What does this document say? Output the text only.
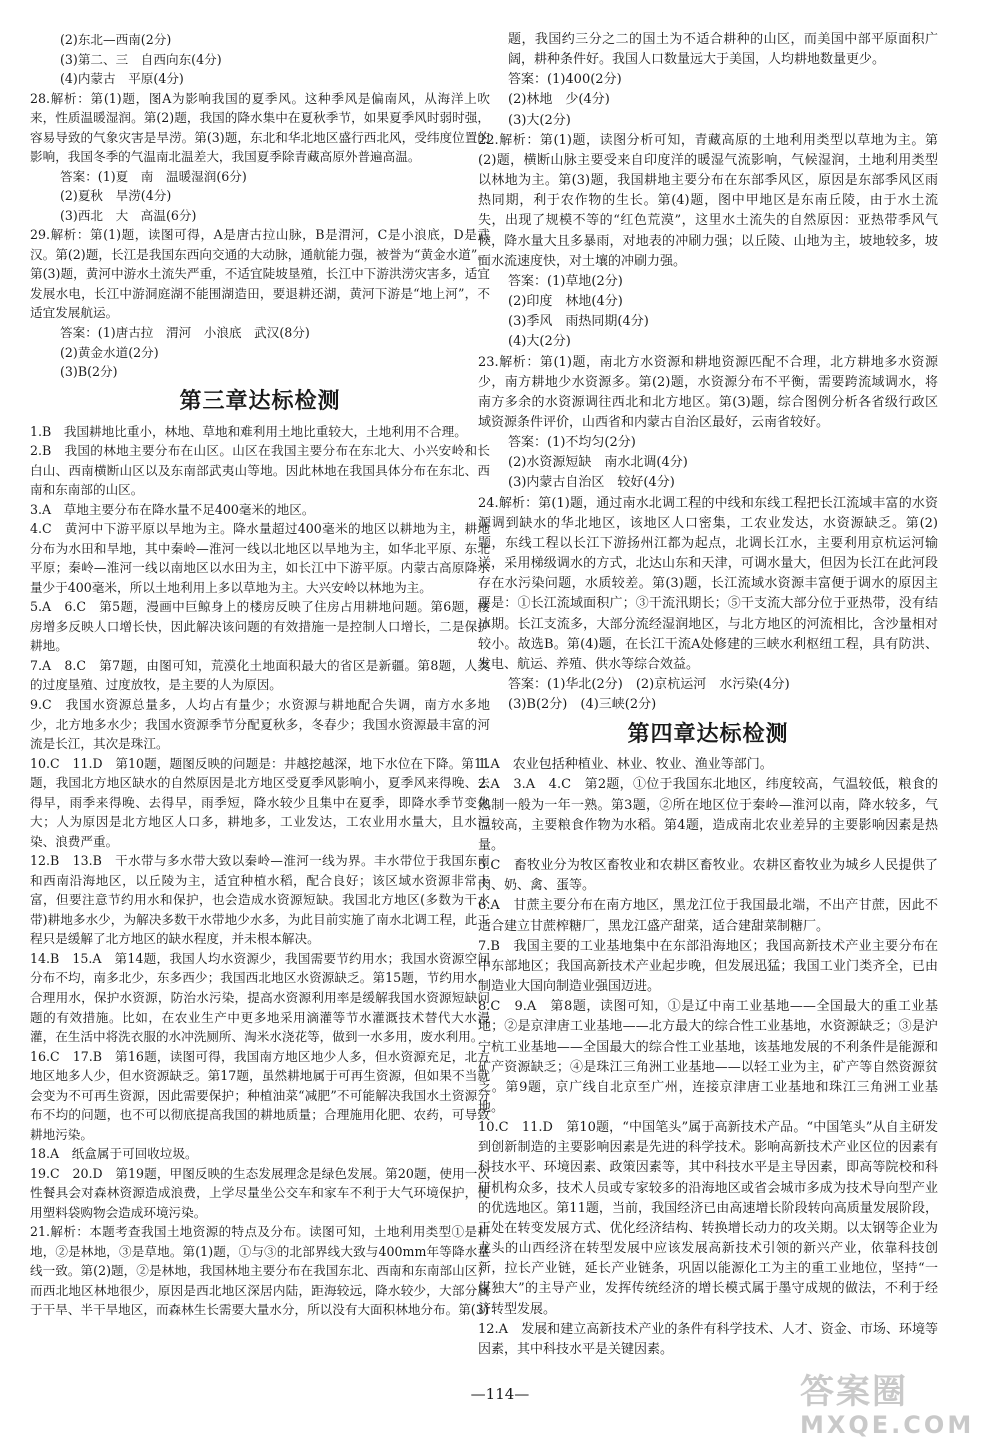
(2)东北—西南(2分)
(3)第二、三　自西向东(4分)
(4)内蒙古　平原(4分)
28.解析：第(1)题，图A为影响我国的夏季风。这种季风是偏南风，从海洋上吹来，性质温暖湿润。第(2)题，我国的降水集中在夏秋季节，如果夏季风时弱时强，容易导致的气象灾害是旱涝。第(3)题，东北和华北地区盛行西北风，受纬度位置的影响，我国冬季的气温南北温差大，我国夏季除青藏高原外普遍高温。
答案：(1)夏　南　温暖湿润(6分)
(2)夏秋　旱涝(4分)
(3)西北　大　高温(6分)
29.解析：第(1)题，读图可得，A是唐古拉山脉，B是渭河，C是小浪底，D是武汉。第(2)题，长江是我国东西向交通的大动脉，通航能力强，被誉为“黄金水道”。第(3)题，黄河中游水土流失严重，不适宜陡坡垦殖，长江中下游洪涝灾害多，适宜发展水电，长江中游洞庭湖不能围湖造田，要退耕还湖，黄河下游是“地上河”，不适宜发展航运。
答案：(1)唐古拉　渭河　小浪底　武汉(8分)
(2)黄金水道(2分)
(3)B(2分)
第三章达标检测
1.B　我国耕地比重小，林地、草地和难利用土地比重较大，土地利用不合理。
2.B　我国的林地主要分布在山区。山区在我国主要分布在东北大、小兴安岭和长白山、西南横断山区以及东南部武夷山等地。因此林地在我国具体分布在东北、西南和东南部的山区。
3.A　草地主要分布在降水量不足400毫米的地区。
4.C　黄河中下游平原以旱地为主。降水量超过400毫米的地区以耕地为主，耕地分布为水田和旱地，其中秦岭—淮河一线以北地区以旱地为主，如华北平原、东北平原；秦岭—淮河一线以南地区以水田为主，如长江中下游平原。内蒙古高原降水量少于400毫米，所以土地利用上多以草地为主。大兴安岭以林地为主。
5.A　6.C　第5题，漫画中巨鲸身上的楼房反映了住房占用耕地问题。第6题，楼房增多反映人口增长快，因此解决该问题的有效措施一是控制人口增长，二是保护耕地。
7.A　8.C　第7题，由图可知，荒漠化土地面积最大的省区是新疆。第8题，人类的过度垦殖、过度放牧，是主要的人为原因。
9.C　我国水资源总量多，人均占有量少；水资源与耕地配合失调，南方水多地少，北方地多水少；我国水资源季节分配夏秋多，冬春少；我国水资源最丰富的河流是长江，其次是珠江。
10.C　11.D　第10题，题图反映的问题是：井越挖越深，地下水位在下降。第11题，我国北方地区缺水的自然原因是北方地区受夏季风影响小，夏季风来得晚、去得早，雨季来得晚、去得早，雨季短，降水较少且集中在夏季，即降水季节变化大；人为原因是北方地区人口多，耕地多，工业发达，工农业用水量大，且水污染、浪费严重。
12.B　13.B　干水带与多水带大致以秦岭—淮河一线为界。丰水带位于我国东南和西南沿海地区，以丘陵为主，适宜种植水稻，配合良好；该区域水资源非常丰富，但要注意节约用水和保护，也会造成水资源短缺。我国北方地区(多数为干水带)耕地多水少，为解决多数干水带地少水多，为此目前实施了南水北调工程，此工程只是缓解了北方地区的缺水程度，并未根本解决。
14.B　15.A　第14题，我国人均水资源少，我国需要节约用水；我国水资源空间分布不均，南多北少，东多西少；我国西北地区水资源缺乏。第15题，节约用水，合理用水，保护水资源，防治水污染，提高水资源利用率是缓解我国水资源短缺问题的有效措施。比如，在农业生产中更多地采用滴灌等节水灌溉技术替代大水漫灌，在生活中将洗衣服的水冲洗厕所、淘米水浇花等，做到一水多用，废水利用。
16.C　17.B　第16题，读图可得，我国南方地区地少人多，但水资源充足，北方地区地多人少，但水资源缺乏。第17题，虽然耕地属于可再生资源，但如果不当就会变为不可再生资源，因此需要保护；种植油菜“减肥”不可能解决我国水土资源分布不均的问题，也不可以彻底提高我国的耕地质量；合理施用化肥、农药，可导致耕地污染。
18.A　纸盒属于可回收垃圾。
19.C　20.D　第19题，甲图反映的生态发展理念是绿色发展。第20题，使用一次性餐具会对森林资源造成浪费，上学尽量坐公交车和家车不利于大气环境保护，使用塑料袋购物会造成环境污染。
21.解析：本题考查我国土地资源的特点及分布。读图可知，土地利用类型①是耕地，②是林地，③是草地。第(1)题，①与③的北部界线大致与400mm年等降水量线一致。第(2)题，②是林地，我国林地主要分布在我国东北、西南和东南部山区；而西北地区林地很少，原因是西北地区深居内陆，距海较远，降水较少，大部分属于干旱、半干旱地区，而森林生长需要大量水分，所以没有大面积林地分布。第(3)
题，我国约三分之二的国土为不适合耕种的山区，而美国中部平原面积广阔，耕种条件好。我国人口数量远大于美国，人均耕地数量更少。
答案：(1)400(2分)
(2)林地　少(4分)
(3)大(2分)
22.解析：第(1)题，读图分析可知，青藏高原的土地利用类型以草地为主。第(2)题，横断山脉主要受来自印度洋的暖湿气流影响，气候湿润，土地利用类型以林地为主。第(3)题，我国耕地主要分布在东部季风区，原因是东部季风区雨热同期，利于农作物的生长。第(4)题，图中甲地区是东南丘陵，由于水土流失，出现了规模不等的“红色荒漠”，这里水土流失的自然原因：亚热带季风气候，降水量大且多暴雨，对地表的冲刷力强；以丘陵、山地为主，坡地较多，坡面水流速度快，对土壤的冲刷力强。
答案：(1)草地(2分)
(2)印度　林地(4分)
(3)季风　雨热同期(4分)
(4)大(2分)
23.解析：第(1)题，南北方水资源和耕地资源匹配不合理，北方耕地多水资源少，南方耕地少水资源多。第(2)题，水资源分布不平衡，需要跨流域调水，将南方多余的水资源调往西北和北方地区。第(3)题，综合图例分析各省级行政区域资源条件评价，山西省和内蒙古自治区最好，云南省较好。
答案：(1)不均匀(2分)
(2)水资源短缺　南水北调(4分)
(3)内蒙古自治区　较好(4分)
24.解析：第(1)题，通过南水北调工程的中线和东线工程把长江流域丰富的水资源调到缺水的华北地区，该地区人口密集，工农业发达，水资源缺乏。第(2)题，东线工程以长江下游扬州江都为起点，北调长江水，主要利用京杭运河输送，采用梯级调水的方式，北达山东和天津，可调水量大，但因为长江在此河段存在水污染问题，水质较差。第(3)题，长江流域水资源丰富便于调水的原因主要是：①长江流域面积广；③干流汛期长；⑤干支流大部分位于亚热带，没有结冰期。长江支流多，大部分流经湿润地区，与北方地区的河流相比，含沙量相对较小。故选B。第(4)题，在长江干流A处修建的三峡水利枢纽工程，具有防洪、发电、航运、养殖、供水等综合效益。
答案：(1)华北(2分)　(2)京杭运河　水污染(4分)
(3)B(2分)　(4)三峡(2分)
第四章达标检测
1.A　农业包括种植业、林业、牧业、渔业等部门。
2.A　3.A　4.C　第2题，①位于我国东北地区，纬度较高，气温较低，粮食的熟制一般为一年一熟。第3题，②所在地区位于秦岭—淮河以南，降水较多，气温较高，主要粮食作物为水稻。第4题，造成南北农业差异的主要影响因素是热量。
5.C　畜牧业分为牧区畜牧业和农耕区畜牧业。农耕区畜牧业为城乡人民提供了肉、奶、禽、蛋等。
6.A　甘蔗主要分布在南方地区，黑龙江位于我国最北端，不出产甘蔗，因此不适合建立甘蔗榨糖厂，黑龙江盛产甜菜，适合建甜菜制糖厂。
7.B　我国主要的工业基地集中在东部沿海地区；我国高新技术产业主要分布在中东部地区；我国高新技术产业起步晚，但发展迅猛；我国工业门类齐全，已由制造业大国向制造业强国迈进。
8.C　9.A　第8题，读图可知，①是辽中南工业基地——全国最大的重工业基地；②是京津唐工业基地——北方最大的综合性工业基地，水资源缺乏；③是沪宁杭工业基地——全国最大的综合性工业基地，该基地发展的不利条件是能源和矿产资源缺乏；④是珠江三角洲工业基地——以轻工业为主，矿产等自然资源贫乏。第9题，京广线自北京至广州，连接京津唐工业基地和珠江三角洲工业基地。
10.C　11.D　第10题，“中国笔头”属于高新技术产品。“中国笔头”从自主研发到创新制造的主要影响因素是先进的科学技术。影响高新技术产业区位的因素有科技水平、环境因素、政策因素等，其中科技水平是主导因素，即高等院校和科研机构众多，技术人员或专家较多的沿海地区或省会城市多成为技术导向型产业的优选地区。第11题，当前，我国经济已由高速增长阶段转向高质量发展阶段，正处在转变发展方式、优化经济结构、转换增长动力的攻关期。以太钢等企业为龙头的山西经济在转型发展中应该发展高新技术引领的新兴产业，依靠科技创新，拉长产业链，延长产业链条，巩固以能源化工为主的重工业地位，坚持“一煤独大”的主导产业，发挥传统经济的增长模式属于墨守成规的做法，不利于经济转型发展。
12.A　发展和建立高新技术产业的条件有科学技术、人才、资金、市场、环境等因素，其中科技水平是关键因素。
—114—	答案圈
MXQE.COM
